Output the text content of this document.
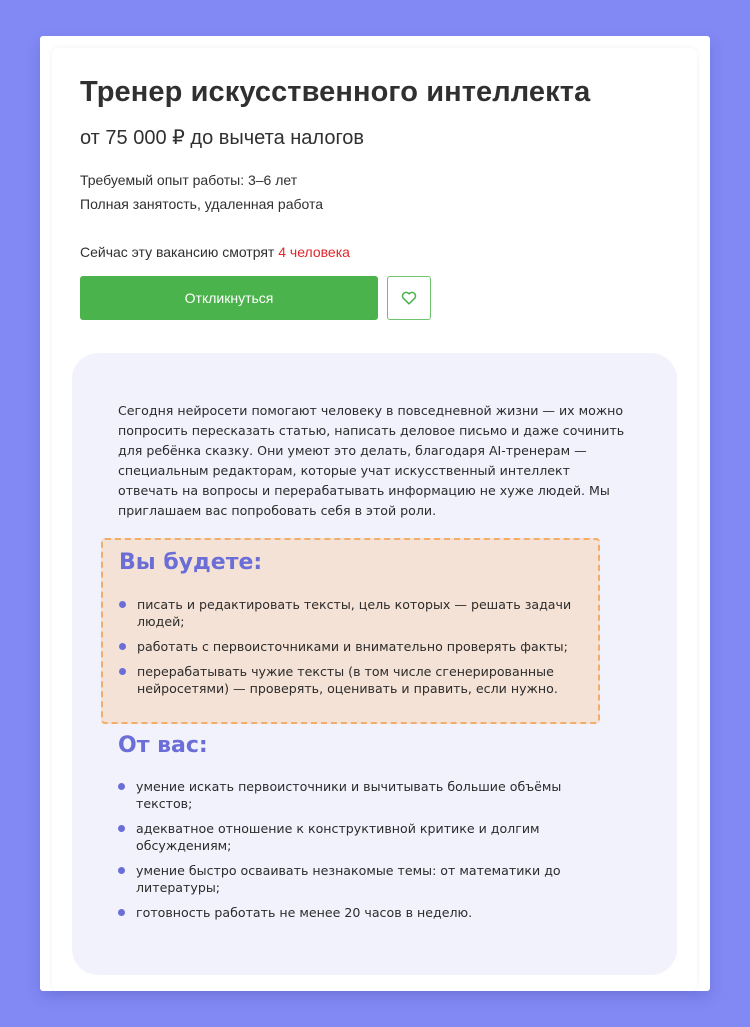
Тренер искусственного интеллекта
от 75 000 ₽ до вычета налогов
Требуемый опыт работы: 3–6 лет
Полная занятость, удаленная работа
Сейчас эту вакансию смотрят 4 человека
Откликнуться

Сегодня нейросети помогают человеку в повседневной жизни — их можно попросить пересказать статью, написать деловое письмо и даже сочинить для ребёнка сказку. Они умеют это делать, благодаря AI-тренерам — специальным редакторам, которые учат искусственный интеллект отвечать на вопросы и перерабатывать информацию не хуже людей. Мы приглашаем вас попробовать себя в этой роли.

Вы будете:
писать и редактировать тексты, цель которых — решать задачи людей;
работать с первоисточниками и внимательно проверять факты;
перерабатывать чужие тексты (в том числе сгенерированные нейросетями) — проверять, оценивать и править, если нужно.
От вас:
умение искать первоисточники и вычитывать большие объёмы текстов;
адекватное отношение к конструктивной критике и долгим обсуждениям;
умение быстро осваивать незнакомые темы: от математики до литературы;
готовность работать не менее 20 часов в неделю.
